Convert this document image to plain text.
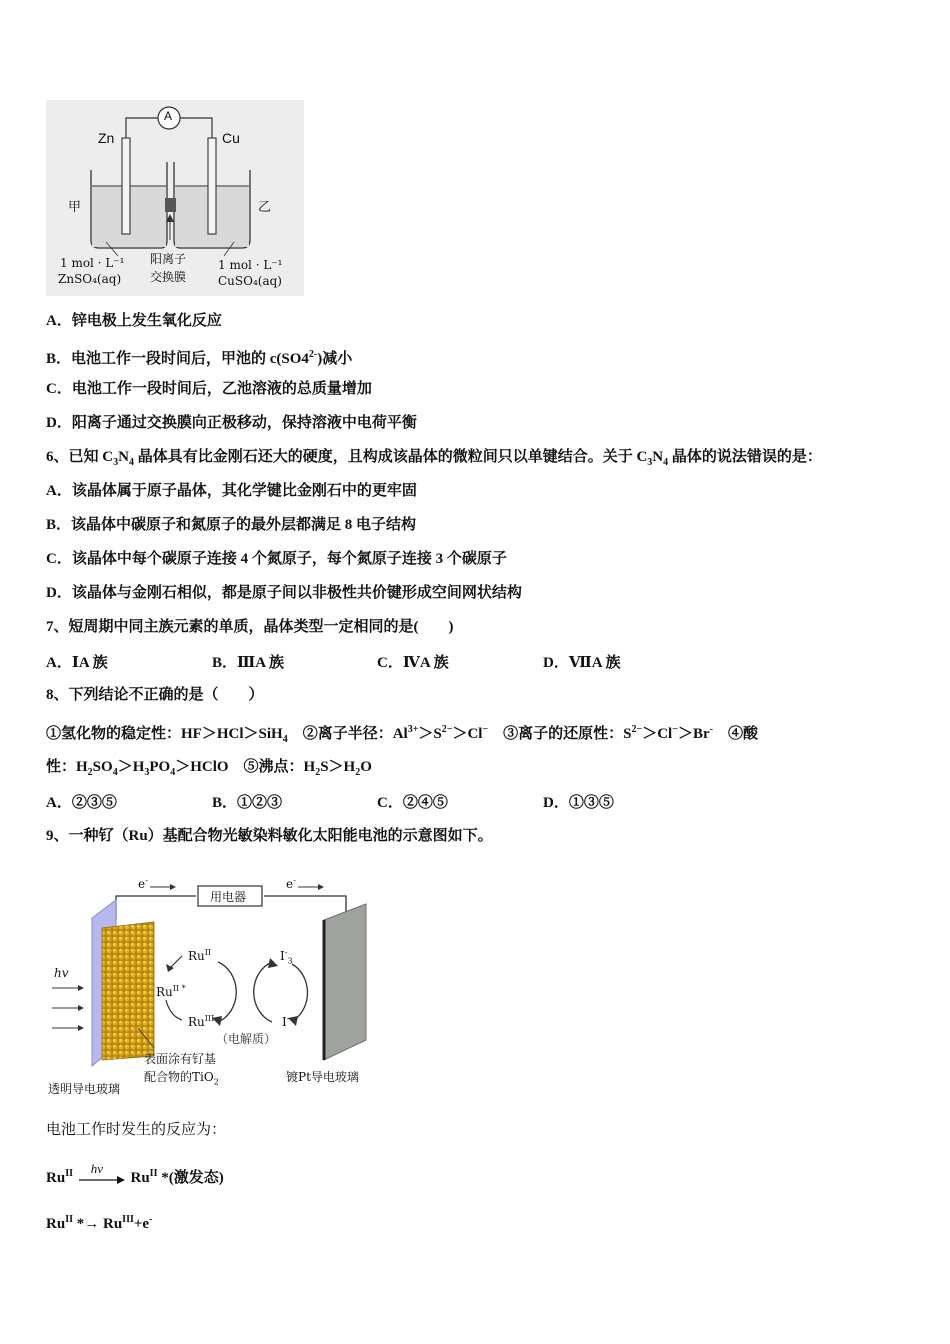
A
Zn	Cu
甲	乙
1 mol · L⁻¹
ZnSO₄(aq)
阳离子
交换膜
1 mol · L⁻¹
CuSO₄(aq)
A．锌电极上发生氧化反应
B．电池工作一段时间后，甲池的 $c(SO4^{2-})$减小
C．电池工作一段时间后，乙池溶液的总质量增加
D．阳离子通过交换膜向正极移动，保持溶液中电荷平衡
6、已知 $C_3N_4$ 晶体具有比金刚石还大的硬度，且构成该晶体的微粒间只以单键结合。关于 $C_3N_4$ 晶体的说法错误的是：
A．该晶体属于原子晶体，其化学键比金刚石中的更牢固
B．该晶体中碳原子和氮原子的最外层都满足 8 电子结构
C．该晶体中每个碳原子连接 4 个氮原子，每个氮原子连接 3 个碳原子
D．该晶体与金刚石相似，都是原子间以非极性共价键形成空间网状结构
7、短周期中同主族元素的单质，晶体类型一定相同的是(　　)
A．ⅠA 族	B．ⅢA 族	C．ⅣA 族	D．ⅦA 族
8、下列结论不正确的是（　　）
①氢化物的稳定性：HF＞HCl＞SiH$_4$　②离子半径：$Al^{3+}>S^{2-}>Cl^-$　③离子的还原性：$S^{2-}>Cl^->Br^-$　④酸
性：$H_2SO_4>H_3PO_4>HClO$　⑤沸点：$H_2S>H_2O$
A．②③⑤	B．①②③	C．②④⑤	D．①③⑤
9、一种钌（Ru）基配合物光敏染料敏化太阳能电池的示意图如下。
e-	e-
用电器
hv
$Ru^{II}$
$Ru^{II *}$
$Ru^{III}$
$I^-_3$
I-
（电解质）
表面涂有钌基
配合物的TiO$_2$
透明导电玻璃
镀Pt导电玻璃
电池工作时发生的反应为：
$Ru^{II}$ hv
$Ru^{II}$ *(激发态)
$Ru^{II} *\to Ru^{III}+e^-$
